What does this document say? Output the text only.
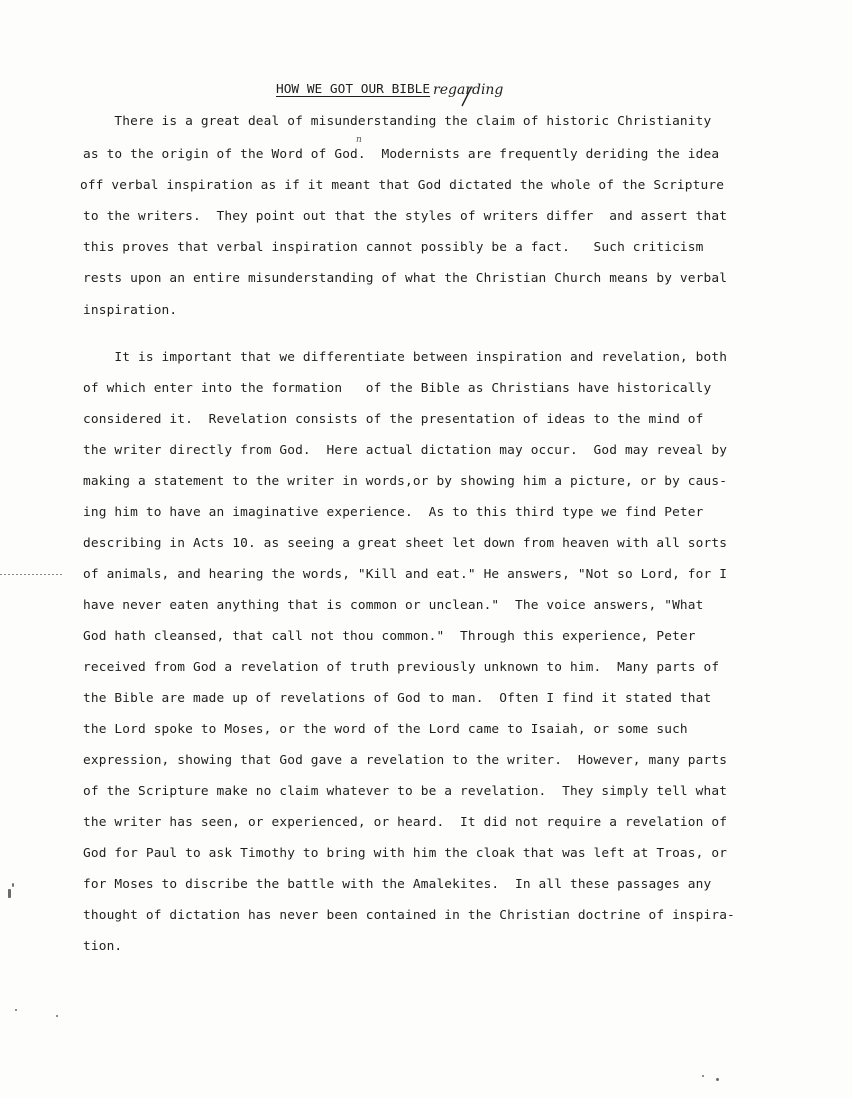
HOW WE GOT OUR BIBLE regarding
n
There is a great deal of misunderstanding the claim of historic Christianity
as to the origin of the Word of God.  Modernists are frequently deriding the idea
off verbal inspiration as if it meant that God dictated the whole of the Scripture
to the writers.  They point out that the styles of writers differ  and assert that
this proves that verbal inspiration cannot possibly be a fact.   Such criticism
rests upon an entire misunderstanding of what the Christian Church means by verbal
inspiration.
It is important that we differentiate between inspiration and revelation, both
of which enter into the formation   of the Bible as Christians have historically
considered it.  Revelation consists of the presentation of ideas to the mind of
the writer directly from God.  Here actual dictation may occur.  God may reveal by
making a statement to the writer in words,or by showing him a picture, or by caus-
ing him to have an imaginative experience.  As to this third type we find Peter
describing in Acts 10. as seeing a great sheet let down from heaven with all sorts
of animals, and hearing the words, "Kill and eat." He answers, "Not so Lord, for I
have never eaten anything that is common or unclean."  The voice answers, "What
God hath cleansed, that call not thou common."  Through this experience, Peter
received from God a revelation of truth previously unknown to him.  Many parts of
the Bible are made up of revelations of God to man.  Often I find it stated that
the Lord spoke to Moses, or the word of the Lord came to Isaiah, or some such
expression, showing that God gave a revelation to the writer.  However, many parts
of the Scripture make no claim whatever to be a revelation.  They simply tell what
the writer has seen, or experienced, or heard.  It did not require a revelation of
God for Paul to ask Timothy to bring with him the cloak that was left at Troas, or
for Moses to discribe the battle with the Amalekites.  In all these passages any
thought of dictation has never been contained in the Christian doctrine of inspira-
tion.
